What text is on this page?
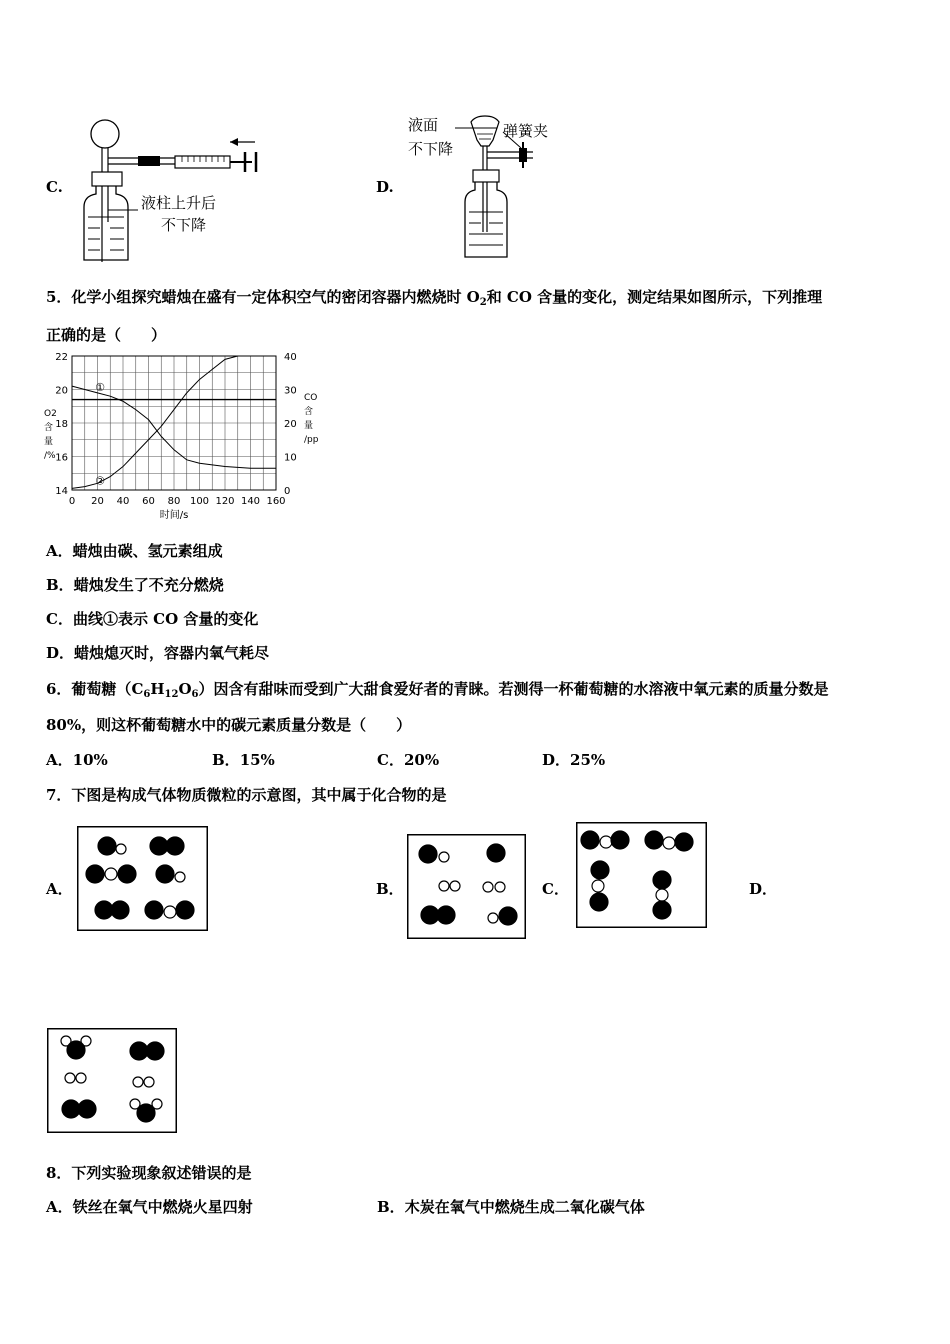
C.
液柱上升后
不下降
D.
液面
不下降
弹簧夹
5．化学小组探究蜡烛在盛有一定体积空气的密闭容器内燃烧时 $O_2$和 CO 含量的变化，测定结果如图所示，下列推理
正确的是（　　）
0 20 40 60 80 100 120 140 160
14
16
18
20
22
0
10
20
30
40
时间/s
O2
含
量
/%
CO
含
量
/pp
①
②
A．蜡烛由碳、氢元素组成
B．蜡烛发生了不充分燃烧
C．曲线①表示 CO 含量的变化
D．蜡烛熄灭时，容器内氧气耗尽
6．葡萄糖$(C_6H_{12}O_6)$因含有甜味而受到广大甜食爱好者的青睐。若测得一杯葡萄糖的水溶液中氧元素的质量分数是
80%，则这杯葡萄糖水中的碳元素质量分数是（　　）
A．10%	B．15%	C．20%	D．25%
7．下图是构成气体物质微粒的示意图，其中属于化合物的是
A．	B．	C．	D．
8．下列实验现象叙述错误的是
A．铁丝在氧气中燃烧火星四射	B．木炭在氧气中燃烧生成二氧化碳气体
